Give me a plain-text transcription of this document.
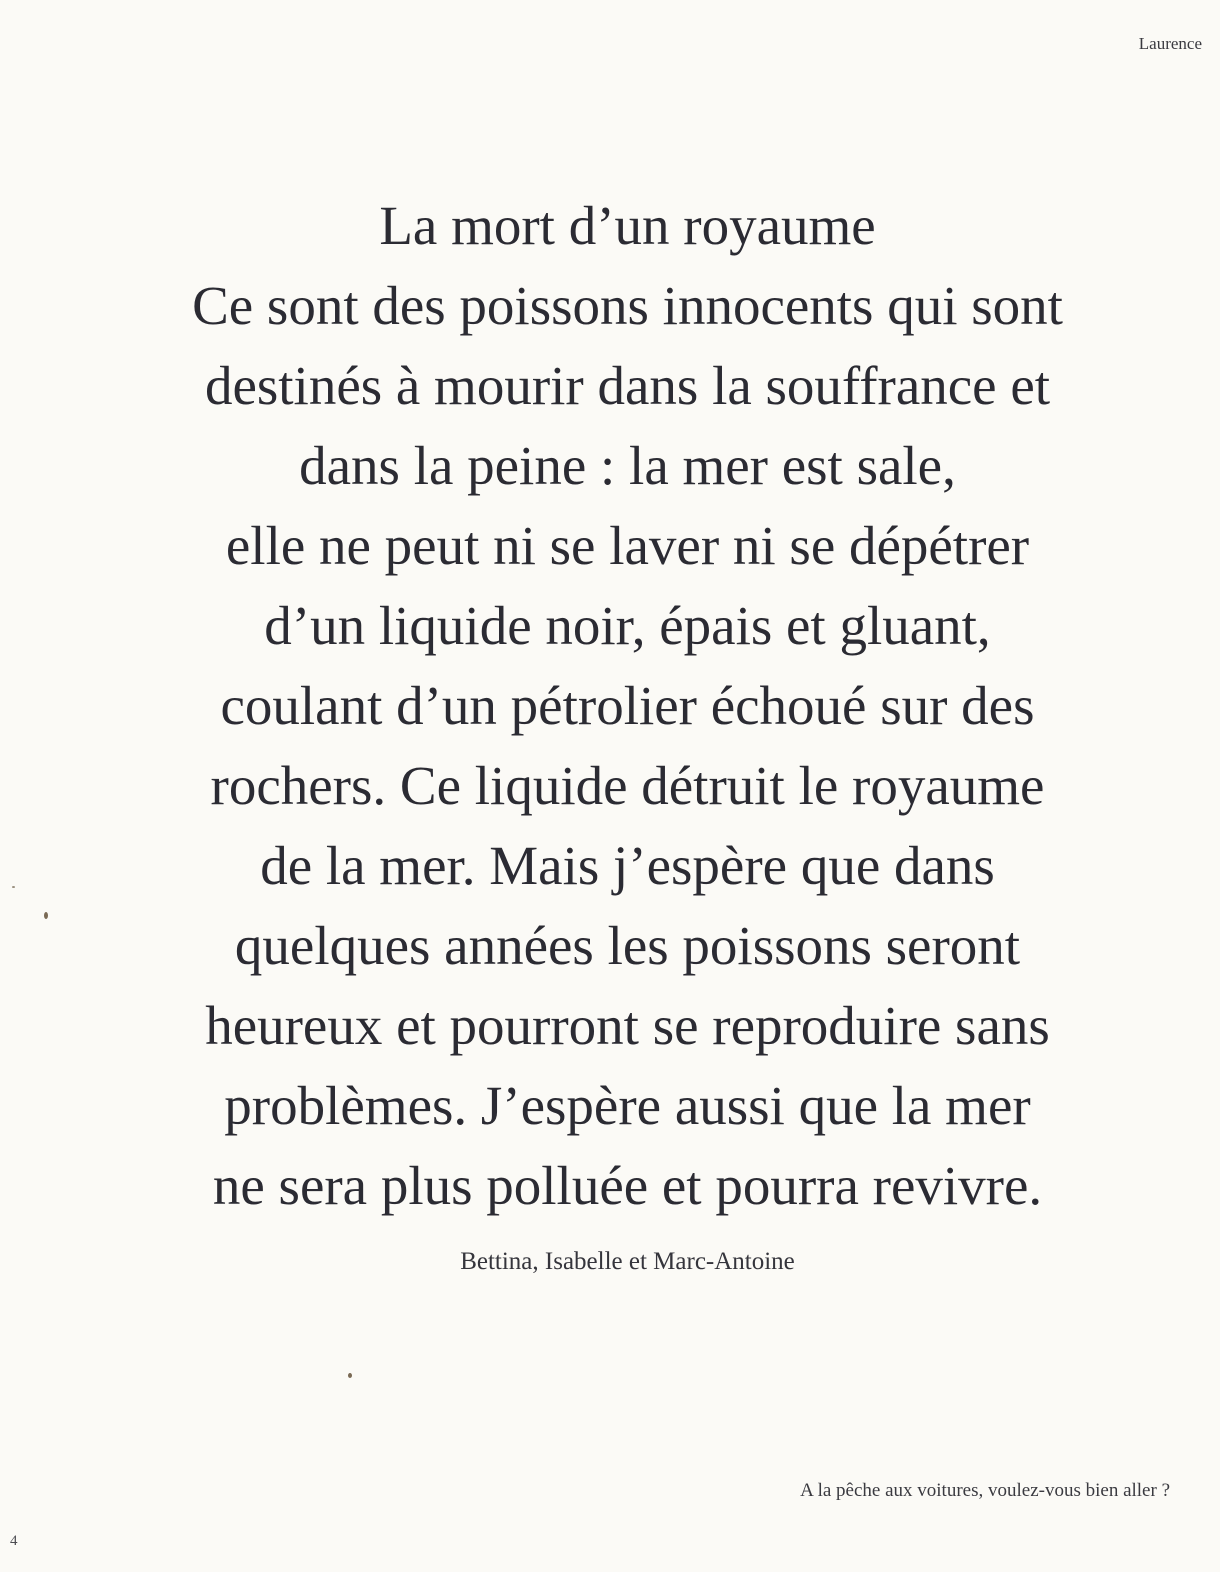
Laurence
La mort d’un royaume
Ce sont des poissons innocents qui sont
destinés à mourir dans la souffrance et
dans la peine : la mer est sale,
elle ne peut ni se laver ni se dépétrer
d’un liquide noir, épais et gluant,
coulant d’un pétrolier échoué sur des
rochers. Ce liquide détruit le royaume
de la mer. Mais j’espère que dans
quelques années les poissons seront
heureux et pourront se reproduire sans
problèmes. J’espère aussi que la mer
ne sera plus polluée et pourra revivre.
Bettina, Isabelle et Marc-Antoine
A la pêche aux voitures, voulez-vous bien aller ?
4
